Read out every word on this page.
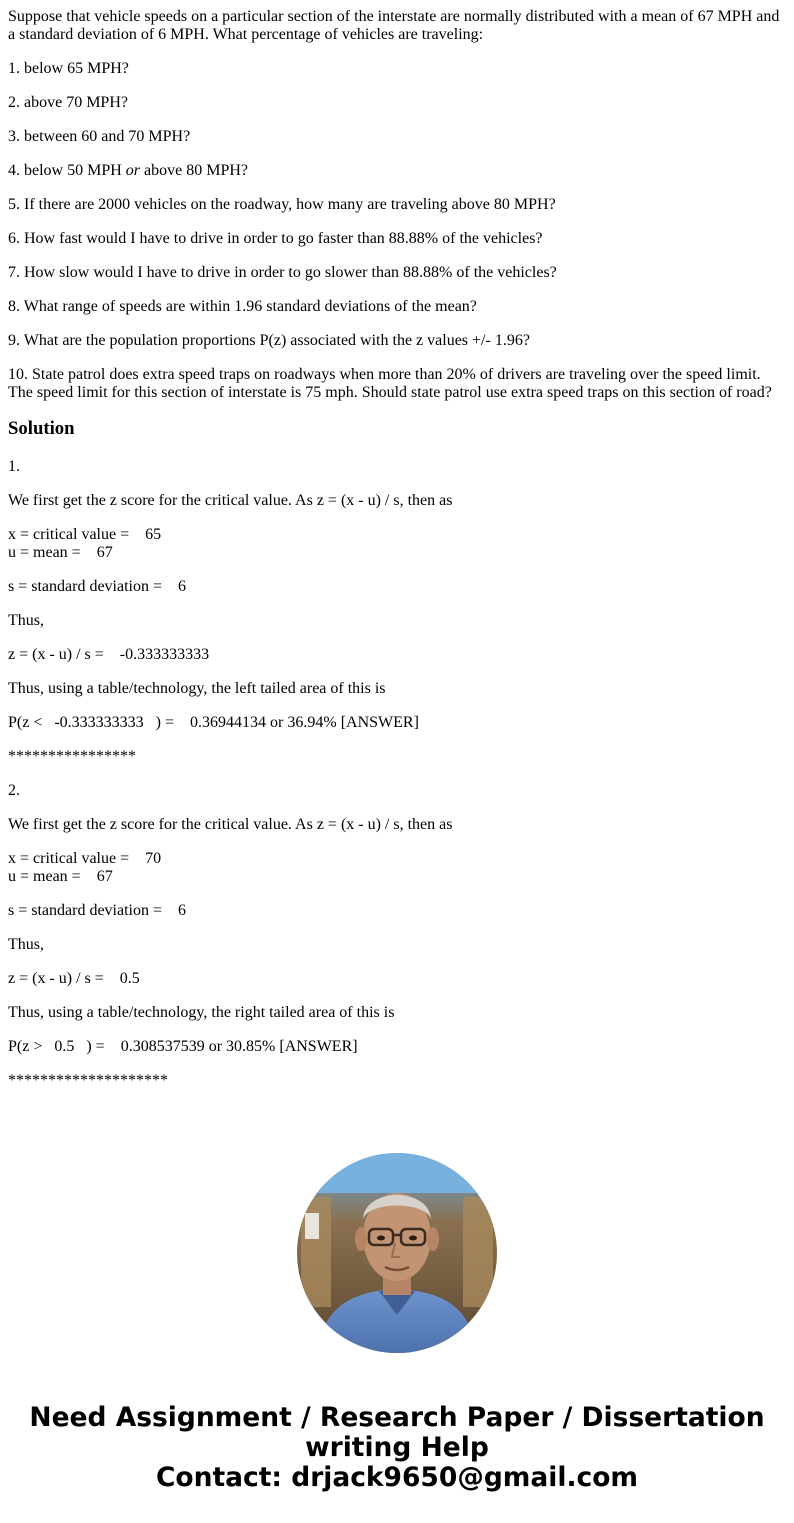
Suppose that vehicle speeds on a particular section of the interstate are normally distributed with a mean of 67 MPH and a standard deviation of 6 MPH. What percentage of vehicles are traveling:

1. below 65 MPH?

2. above 70 MPH?

3. between 60 and 70 MPH?

4. below 50 MPH or above 80 MPH?

5. If there are 2000 vehicles on the roadway, how many are traveling above 80 MPH?

6. How fast would I have to drive in order to go faster than 88.88% of the vehicles?

7. How slow would I have to drive in order to go slower than 88.88% of the vehicles?

8. What range of speeds are within 1.96 standard deviations of the mean?

9. What are the population proportions P(z) associated with the z values +/- 1.96?

10. State patrol does extra speed traps on roadways when more than 20% of drivers are traveling over the speed limit. The speed limit for this section of interstate is 75 mph. Should state patrol use extra speed traps on this section of road?

Solution

1.

We first get the z score for the critical value. As z = (x - u) / s, then as

x = critical value =    65
u = mean =    67

s = standard deviation =    6

Thus,

z = (x - u) / s =    -0.333333333

Thus, using a table/technology, the left tailed area of this is

P(z <   -0.333333333   ) =    0.36944134 or 36.94% [ANSWER]

****************

2.

We first get the z score for the critical value. As z = (x - u) / s, then as

x = critical value =    70
u = mean =    67

s = standard deviation =    6

Thus,

z = (x - u) / s =    0.5

Thus, using a table/technology, the right tailed area of this is

P(z >   0.5   ) =    0.308537539 or 30.85% [ANSWER]

********************

Need Assignment / Research Paper / Dissertation
writing Help
Contact: drjack9650@gmail.com
